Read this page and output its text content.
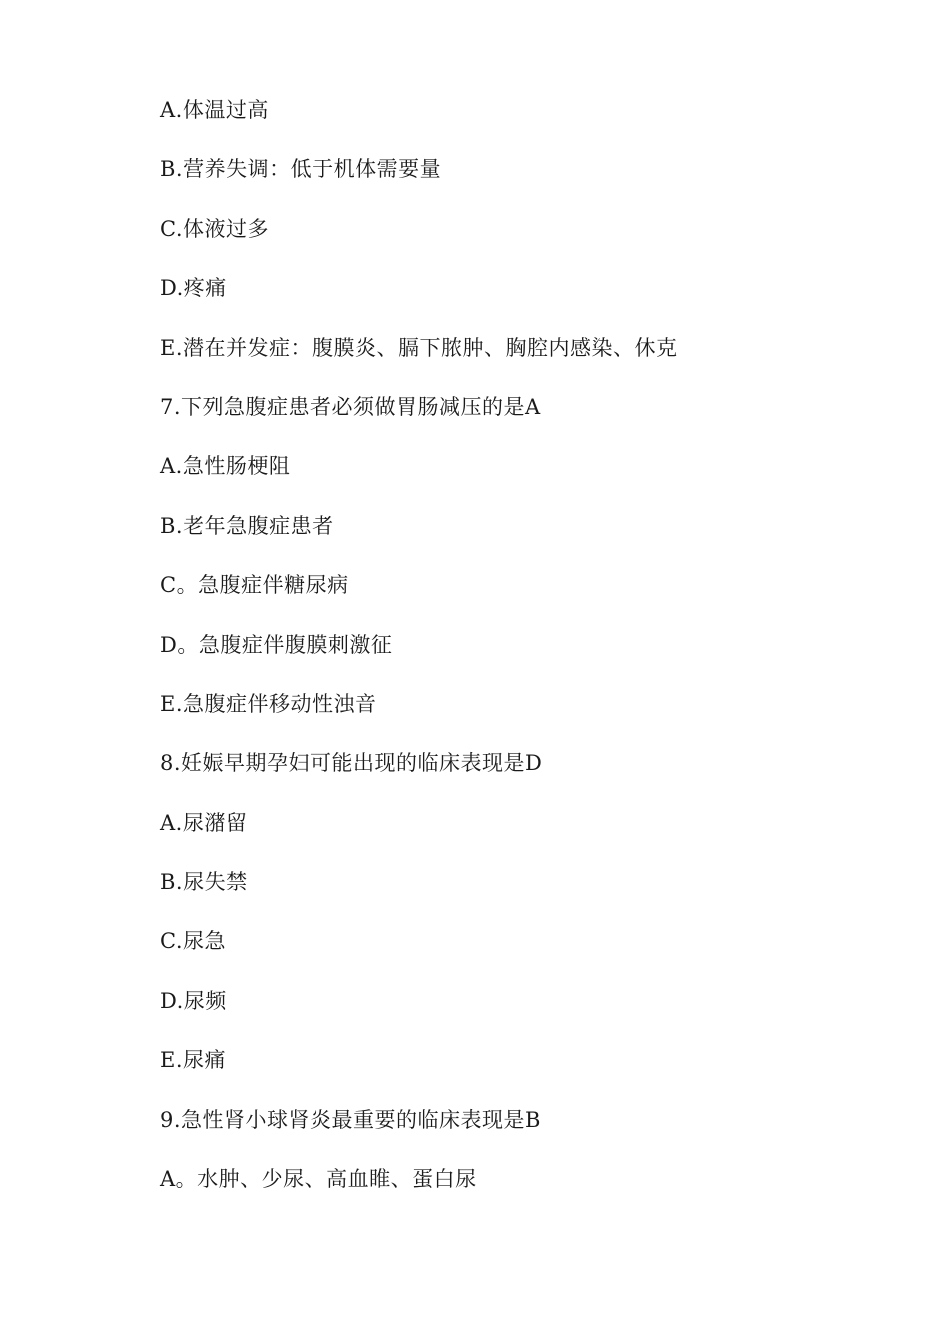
A.体温过高
B.营养失调：低于机体需要量
C.体液过多
D.疼痛
E.潜在并发症：腹膜炎、膈下脓肿、胸腔内感染、休克
7.下列急腹症患者必须做胃肠减压的是A
A.急性肠梗阻
B.老年急腹症患者
C。急腹症伴糖尿病
D。急腹症伴腹膜刺激征
E.急腹症伴移动性浊音
8.妊娠早期孕妇可能出现的临床表现是D
A.尿潴留
B.尿失禁
C.尿急
D.尿频
E.尿痛
9.急性肾小球肾炎最重要的临床表现是B
A。水肿、少尿、高血睢、蛋白尿
